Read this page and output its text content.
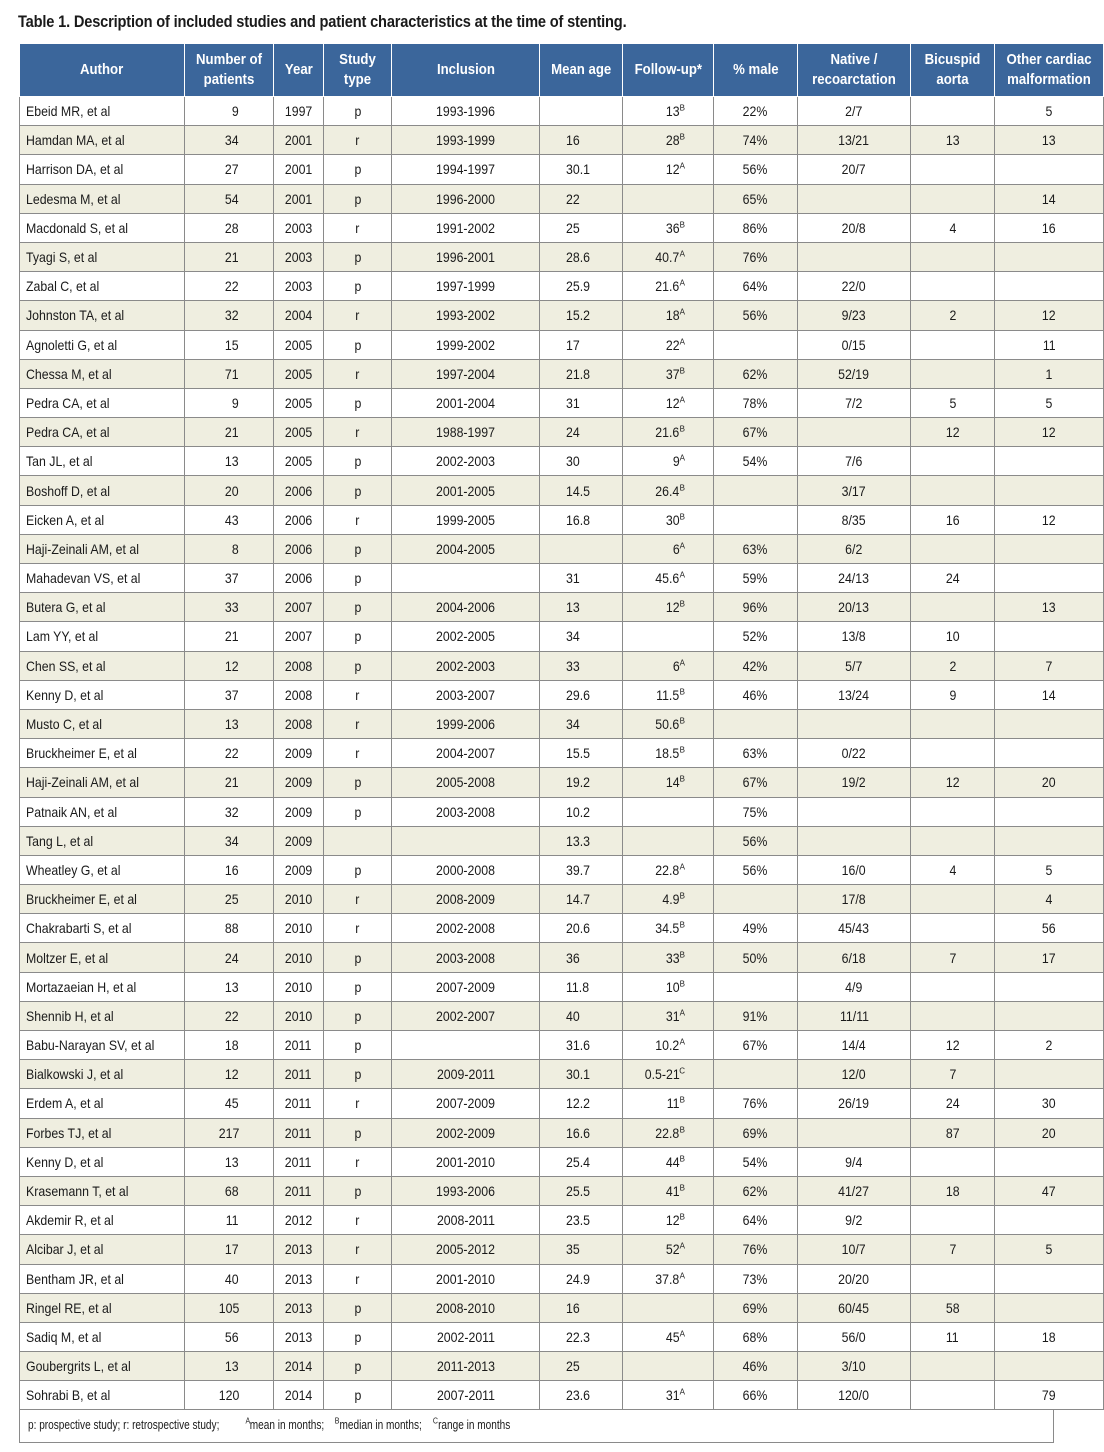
Table 1. Description of included studies and patient characteristics at the time of stenting.
Author	Number of patients	Year	Study type	Inclusion	Mean age	Follow-up*	% male	Native / recoarctation	Bicuspid aorta	Other cardiac malformation
Ebeid MR, et al	9	1997	p	1993-1996		$13^B$	22%	2/7		5
Hamdan MA, et al	34	2001	r	1993-1999	16	$28^B$	74%	13/21	13	13
Harrison DA, et al	27	2001	p	1994-1997	30.1	$12^A$	56%	20/7		
Ledesma M, et al	54	2001	p	1996-2000	22		65%			14
Macdonald S, et al	28	2003	r	1991-2002	25	$36^B$	86%	20/8	4	16
Tyagi S, et al	21	2003	p	1996-2001	28.6	$40.7^A$	76%			
Zabal C, et al	22	2003	p	1997-1999	25.9	$21.6^A$	64%	22/0		
Johnston TA, et al	32	2004	r	1993-2002	15.2	$18^A$	56%	9/23	2	12
Agnoletti G, et al	15	2005	p	1999-2002	17	$22^A$		0/15		11
Chessa M, et al	71	2005	r	1997-2004	21.8	$37^B$	62%	52/19		1
Pedra CA, et al	9	2005	p	2001-2004	31	$12^A$	78%	7/2	5	5
Pedra CA, et al	21	2005	r	1988-1997	24	$21.6^B$	67%		12	12
Tan JL, et al	13	2005	p	2002-2003	30	$9^A$	54%	7/6		
Boshoff D, et al	20	2006	p	2001-2005	14.5	$26.4^B$		3/17		
Eicken A, et al	43	2006	r	1999-2005	16.8	$30^B$		8/35	16	12
Haji-Zeinali AM, et al	8	2006	p	2004-2005		$6^A$	63%	6/2		
Mahadevan VS, et al	37	2006	p		31	$45.6^A$	59%	24/13	24	
Butera G, et al	33	2007	p	2004-2006	13	$12^B$	96%	20/13		13
Lam YY, et al	21	2007	p	2002-2005	34		52%	13/8	10	
Chen SS, et al	12	2008	p	2002-2003	33	$6^A$	42%	5/7	2	7
Kenny D, et al	37	2008	r	2003-2007	29.6	$11.5^B$	46%	13/24	9	14
Musto C, et al	13	2008	r	1999-2006	34	$50.6^B$				
Bruckheimer E, et al	22	2009	r	2004-2007	15.5	$18.5^B$	63%	0/22		
Haji-Zeinali AM, et al	21	2009	p	2005-2008	19.2	$14^B$	67%	19/2	12	20
Patnaik AN, et al	32	2009	p	2003-2008	10.2		75%			
Tang L, et al	34	2009			13.3		56%			
Wheatley G, et al	16	2009	p	2000-2008	39.7	$22.8^A$	56%	16/0	4	5
Bruckheimer E, et al	25	2010	r	2008-2009	14.7	$4.9^B$		17/8		4
Chakrabarti S, et al	88	2010	r	2002-2008	20.6	$34.5^B$	49%	45/43		56
Moltzer E, et al	24	2010	p	2003-2008	36	$33^B$	50%	6/18	7	17
Mortazaeian H, et al	13	2010	p	2007-2009	11.8	$10^B$		4/9		
Shennib H, et al	22	2010	p	2002-2007	40	$31^A$	91%	11/11		
Babu-Narayan SV, et al	18	2011	p		31.6	$10.2^A$	67%	14/4	12	2
Bialkowski J, et al	12	2011	p	2009-2011	30.1	$0.5-21^C$		12/0	7	
Erdem A, et al	45	2011	r	2007-2009	12.2	$11^B$	76%	26/19	24	30
Forbes TJ, et al	217	2011	p	2002-2009	16.6	$22.8^B$	69%		87	20
Kenny D, et al	13	2011	r	2001-2010	25.4	$44^B$	54%	9/4		
Krasemann T, et al	68	2011	p	1993-2006	25.5	$41^B$	62%	41/27	18	47
Akdemir R, et al	11	2012	r	2008-2011	23.5	$12^B$	64%	9/2		
Alcibar J, et al	17	2013	r	2005-2012	35	$52^A$	76%	10/7	7	5
Bentham JR, et al	40	2013	r	2001-2010	24.9	$37.8^A$	73%	20/20		
Ringel RE, et al	105	2013	p	2008-2010	16		69%	60/45	58	
Sadiq M, et al	56	2013	p	2002-2011	22.3	$45^A$	68%	56/0	11	18
Goubergrits L, et al	13	2014	p	2011-2013	25		46%	3/10		
Sohrabi B, et al	120	2014	p	2007-2011	23.6	$31^A$	66%	120/0		79
p: prospective study; r: retrospective study;	$^A$mean in months;$^B$median in months;$^C$range in months
